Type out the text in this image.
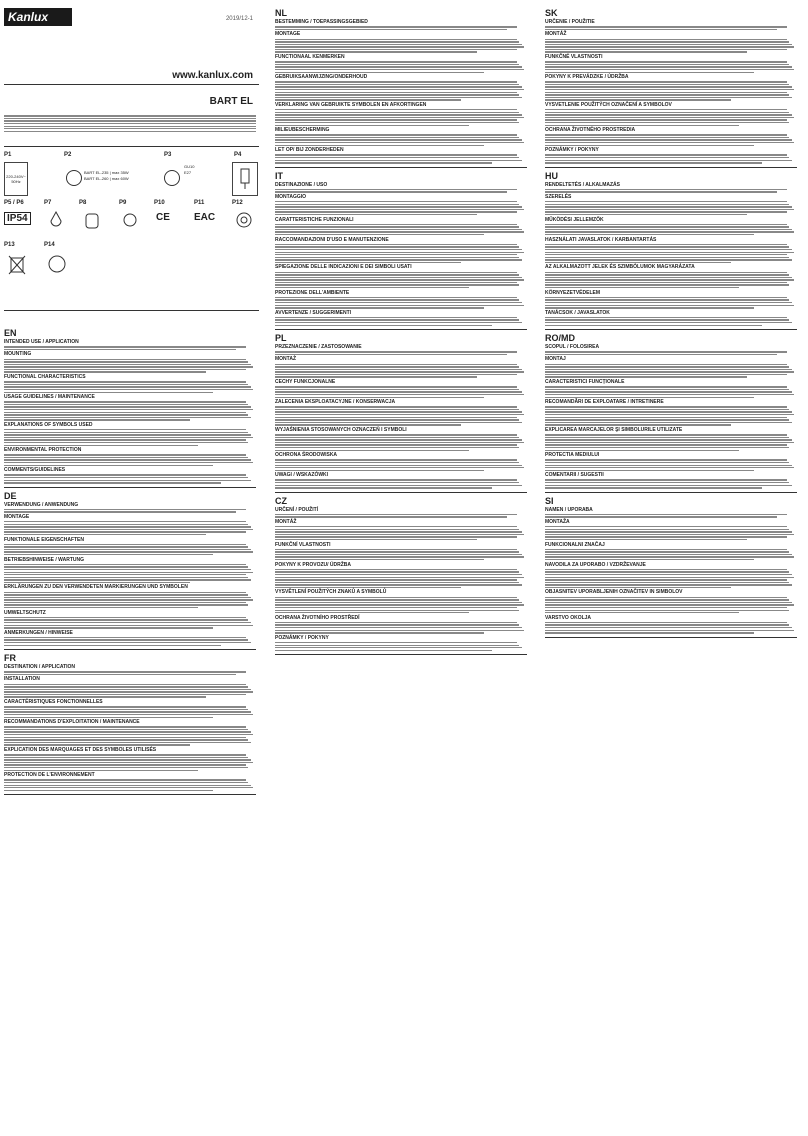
Kanlux	2019/12-1
www.kanlux.com
BART EL
P1	P2	P3	P4
220-240V~ 50Hz
BART EL-235 | max 35W
BART EL-260 | max 60W
GU10
E27
P5 / P6	P7	P8	P9	P10	P11	P12
IP54	CE EAC
P13	P14
EN
INTENDED USE / APPLICATION
MOUNTING
FUNCTIONAL CHARACTERISTICS
USAGE GUIDELINES / MAINTENANCE
EXPLANATIONS OF SYMBOLS USED
ENVIRONMENTAL PROTECTION
COMMENTS/GUIDELINES
DE
VERWENDUNG / ANWENDUNG
MONTAGE
FUNKTIONALE EIGENSCHAFTEN
BETRIEBSHINWEISE / WARTUNG
ERKLÄRUNGEN ZU DEN VERWENDETEN MARKIERUNGEN UND SYMBOLEN
UMWELTSCHUTZ
ANMERKUNGEN / HINWEISE
FR
DESTINATION / APPLICATION
INSTALLATION
CARACTÉRISTIQUES FONCTIONNELLES
RECOMMANDATIONS D'EXPLOITATION / MAINTENANCE
EXPLICATION DES MARQUAGES ET DES SYMBOLES UTILISÉS
PROTECTION DE L'ENVIRONNEMENT
NL
BESTEMMING / TOEPASSINGSGEBIED
MONTAGE
FUNCTIONAAL KENMERKEN
GEBRUIKSAANWIJZING/ONDERHOUD
VERKLARING VAN GEBRUIKTE SYMBOLEN EN AFKORTINGEN
MILIEUBESCHERMING
LET OP/ BIJ ZONDERHEDEN
IT
DESTINAZIONE / USO
MONTAGGIO
CARATTERISTICHE FUNZIONALI
RACCOMANDAZIONI D'USO E MANUTENZIONE
SPIEGAZIONE DELLE INDICAZIONI E DEI SIMBOLI USATI
PROTEZIONE DELL'AMBIENTE
AVVERTENZE / SUGGERIMENTI
PL
PRZEZNACZENIE / ZASTOSOWANIE
MONTAŻ
CECHY FUNKCJONALNE
ZALECENIA EKSPLOATACYJNE / KONSERWACJA
WYJAŚNIENIA STOSOWANYCH OZNACZEŃ I SYMBOLI
OCHRONA ŚRODOWISKA
UWAGI / WSKAZÓWKI
CZ
URČENÍ / POUŽITÍ
MONTÁŽ
FUNKČNÍ VLASTNOSTI
POKYNY K PROVOZU/ ÚDRŽBA
VYSVĚTLENÍ POUŽITÝCH ZNAKŮ A SYMBOLŮ
OCHRANA ŽIVOTNÍHO PROSTŘEDÍ
POZNÁMKY / POKYNY
SK
URČENIE / POUŽITIE
MONTÁŽ
FUNKČNÉ VLASTNOSTI
POKYNY K PREVÁDZKE / ÚDRŽBA
VYSVETLENIE POUŽITÝCH OZNAČENÍ A SYMBOLOV
OCHRANA ŽIVOTNÉHO PROSTREDIA
POZNÁMKY / POKYNY
HU
RENDELTETÉS / ALKALMAZÁS
SZERELÉS
MŰKÖDÉSI JELLEMZŐK
HASZNÁLATI JAVASLATOK / KARBANTARTÁS
AZ ALKALMAZOTT JELEK ÉS SZIMBÓLUMOK MAGYARÁZATA
KÖRNYEZETVÉDELEM
TANÁCSOK / JAVASLATOK
RO/MD
SCOPUL / FOLOSIREA
MONTAJ
CARACTERISTICI FUNCȚIONALE
RECOMANDĂRI DE EXPLOATARE / INTRETINERE
EXPLICAREA MARCAJELOR ŞI SIMBOLURILE UTILIZATE
PROTECTIA MEDIULUI
COMENTARII / SUGESTII
SI
NAMEN / UPORABA
MONTAŽA
FUNKCIONALNI ZNAČAJ
NAVODILA ZA UPORABO / VZDRŽEVANJE
OBJASNITEV UPORABLJENIH OZNAČITEV IN SIMBOLOV
VARSTVO OKOLJA
